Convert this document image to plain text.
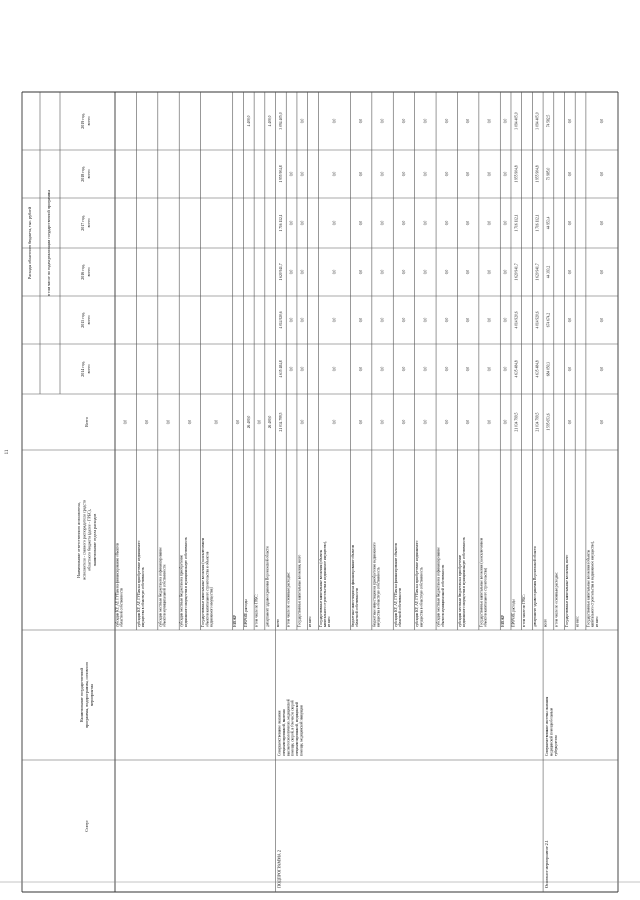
11
Расходы областного бюджета, тыс. рублей	в том числе по годам реализации государственной программы
2014 год, всего
2015 год, всего
2016 год, всего
2017 год, всего
2018 год, всего
2019 год, всего
Всего
Наименование ответственного исполнителя, исполнителя - главного распорядителя средств областного бюджета (далее - ГРБС), наименование отдела расходов
Наименование государственной программы, подпрограммы, основного мероприятия
Статус
субсидии КУ, АУ, ГУПам на финансирование объектов областной собственности
0,0
субсидии КУ, АУ, ГУПам на приобретение недвижимого имущества в областную собственность
0,0
субсидии местным бюджетам на софинансирование объектов муниципальной собственности
0,0
субсидии местным бюджетам на приобретение недвижимого имущества в муниципальную собственность
0,0
Государственные капитальные вложения (за исключением объектов капитального строительства и объектов недвижимого имущества)
0,0
НИОКР
0,0
ПРОЧИЕ расходы
26 400,0
4 400,0
в том числе по ГРБС:
0,0
департамент здравоохранения Воронежской области
26 400,0
4 400,0
всего
21 034 799,5
4 635 484,8
4 014 920,6
1 620 941,7
1 716 112,1
1 955 904,8
3 094 405,0
в том числе по основным расходам:
0,0
0,0
0,0
0,0
0,0
Государственные капитальные вложения, всего
0,0
0,0
0,0
0,0
0,0
0,0
0,0
из них: Государственные капитальные вложения (объекты капитального строительства и недвижимое имущество), из них:
0,0
0,0
0,0
0,0
0,0
0,0
0,0
бюджетные инвестиции на финансирование объектов областной собственности
0,0
0,0
0,0
0,0
0,0
0,0
0,0
бюджетные инвестиции на приобретение недвижимого имущества в областную собственность
0,0
0,0
0,0
0,0
0,0
0,0
0,0
субсидии КУ, АУ, ГУПам на финансирование объектов областной собственности
0,0
0,0
0,0
0,0
0,0
0,0
0,0
субсидии КУ, АУ, ГУПам на приобретение недвижимого имущества в областную собственность
0,0
0,0
0,0
0,0
0,0
0,0
0,0
субсидии местным бюджетам на софинансирование объектов муниципальной собственности
0,0
0,0
0,0
0,0
0,0
0,0
0,0
субсидии местным бюджетам на приобретение недвижимого имущества в муниципальную собственность
0,0
0,0
0,0
0,0
0,0
0,0
0,0
Государственные капитальные вложения (за исключением объектов капитального строительства)
0,0
0,0
0,0
0,0
0,0
0,0
0,0
НИОКР
0,0
0,0
0,0
0,0
0,0
0,0
0,0
ПРОЧИЕ расходы
21 034 799,5
4 635 484,8
4 014 920,6
1 620 941,7
1 716 112,1
1 955 904,8
3 094 405,0
в том числе по ГРБС: департамент здравоохранения Воронежской области
21 034 799,5
4 635 484,8
4 014 920,6
1 620 941,7
1 716 112,1
1 955 904,8
3 094 405,0
всего
1 595 653,6
684 050,3
674 674,2
44 393,2
44 953,4
73 985,0
74 582,5
в том числе по основным расходам: Государственные капитальные вложения, всего
0,0
0,0
0,0
0,0
0,0
0,0
0,0
из них: Государственные капитальные вложения (объекты капитального строительства и недвижимое имущество), из них:
0,0
0,0
0,0
0,0
0,0
0,0
0,0
ПОДПРОГРАММА 2
Совершенствование оказания специализированной, включая высокотехнологичную, медицинской помощи, скорой, в том числе скорой специализированной, медицинской помощи, медицинской эвакуации
Основное мероприятие 2.1
Совершенствование системы оказания медицинской помощи больным туберкулезом
